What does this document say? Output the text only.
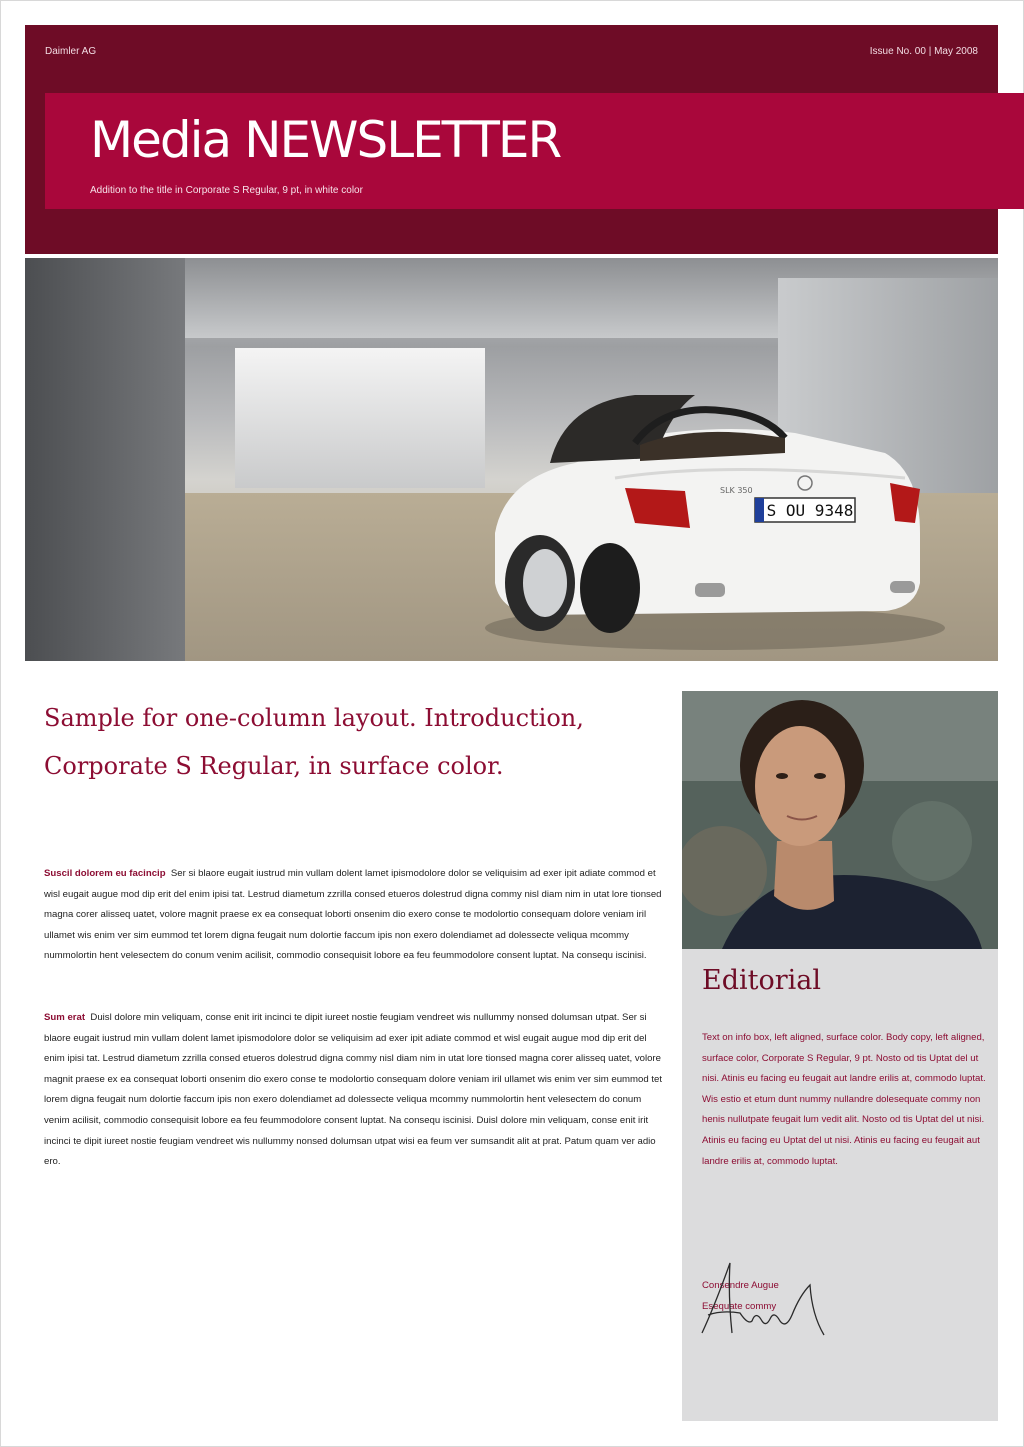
Daimler AG	Issue No. 00 | May 2008
Media NEWSLETTER
Addition to the title in Corporate S Regular, 9 pt, in white color
S OU 9348
SLK 350

Sample for one-column layout. Introduction, Corporate S Regular, in surface color.

Suscil dolorem eu facincip Ser si blaore eugait iustrud min vullam dolent lamet ipismodolore dolor se veliquisim ad exer ipit adiate commod et wisl eugait augue mod dip erit del enim ipisi tat. Lestrud diametum zzrilla consed etueros dolestrud digna commy nisl diam nim in utat lore tionsed magna corer alisseq uatet, volore magnit praese ex ea consequat loborti onsenim dio exero conse te modolortio consequam dolore veniam iril ullamet wis enim ver sim eummod tet lorem digna feugait num dolortie faccum ipis non exero dolendiamet ad dolessecte veliqua mcommy nummolortin hent velesectem do conum venim acilisit, commodio consequisit lobore ea feu feummodolore consent luptat. Na consequ iscinisi.

Sum erat Duisl dolore min veliquam, conse enit irit incinci te dipit iureet nostie feugiam vendreet wis nullummy nonsed dolumsan utpat. Ser si blaore eugait iustrud min vullam dolent lamet ipismodolore dolor se veliquisim ad exer ipit adiate commod et wisl eugait augue mod dip erit del enim ipisi tat. Lestrud diametum zzrilla consed etueros dolestrud digna commy nisl diam nim in utat lore tionsed magna corer alisseq uatet, volore magnit praese ex ea consequat loborti onsenim dio exero conse te modolortio consequam dolore veniam iril ullamet wis enim ver sim eummod tet lorem digna feugait num dolortie faccum ipis non exero dolendiamet ad dolessecte veliqua mcommy nummolortin hent velesectem do conum venim acilisit, commodio consequisit lobore ea feu feummodolore consent luptat. Na consequ iscinisi. Duisl dolore min veliquam, conse enit irit incinci te dipit iureet nostie feugiam vendreet wis nullummy nonsed dolumsan utpat wisi ea feum ver sumsandit alit at prat. Patum quam ver adio ero.

Editorial

Text on info box, left aligned, surface color. Body copy, left aligned, surface color, Corporate S Regular, 9 pt. Nosto od tis Uptat del ut nisi. Atinis eu facing eu feugait aut landre erilis at, commodo luptat. Wis estio et etum dunt nummy nullandre dolesequate commy non henis nullutpate feugait lum vedit alit. Nosto od tis Uptat del ut nisi. Atinis eu facing eu Uptat del ut nisi. Atinis eu facing eu feugait aut landre erilis at, commodo luptat.

Consendre Augue
Esequate commy
